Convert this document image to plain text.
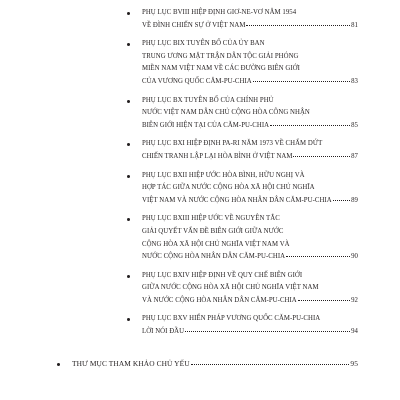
PHỤ LỤC BVIII HIỆP ĐỊNH GIƠ-NE-VƠ NĂM 1954
VỀ ĐÌNH CHIẾN SỰ Ở VIỆT NAM	81
PHỤ LỤC BIX TUYÊN BỐ CỦA ỦY BAN
TRUNG ƯƠNG MẶT TRẬN DÂN TỘC GIẢI PHÓNG
MIỀN NAM VIỆT NAM VỀ CÁC ĐƯỜNG BIÊN GIỚI
CỦA VƯƠNG QUỐC CĂM-PU-CHIA	83
PHỤ LỤC BX TUYÊN BỐ CỦA CHÍNH PHỦ
NƯỚC VIỆT NAM DÂN CHỦ CỘNG HÒA CÔNG NHẬN
BIÊN GIỚI HIỆN TẠI CỦA CĂM-PU-CHIA	85
PHỤ LỤC BXI HIỆP ĐỊNH PA-RI NĂM 1973 VỀ CHẤM DỨT
CHIẾN TRANH LẬP LẠI HÒA BÌNH Ở VIỆT NAM	87
PHỤ LỤC BXII HIỆP ƯỚC HÒA BÌNH, HỮU NGHỊ VÀ
HỢP TÁC GIỮA NƯỚC CỘNG HÒA XÃ HỘI CHỦ NGHĨA
VIỆT NAM VÀ NƯỚC CỘNG HÒA NHÂN DÂN CĂM-PU-CHIA	89
PHỤ LỤC BXIII HIỆP ƯỚC VỀ NGUYÊN TẮC
GIẢI QUYẾT VẤN ĐỀ BIÊN GIỚI GIỮA NƯỚC
CỘNG HÒA XÃ HỘI CHỦ NGHĨA VIỆT NAM VÀ
NƯỚC CỘNG HÒA NHÂN DÂN CĂM-PU-CHIA	90
PHỤ LỤC BXIV HIỆP ĐỊNH VỀ QUY CHẾ BIÊN GIỚI
GIỮA NƯỚC CỘNG HÒA XÃ HỘI CHỦ NGHĨA VIỆT NAM
VÀ NƯỚC CỘNG HÒA NHÂN DÂN CĂM-PU-CHIA	92
PHỤ LỤC BXV HIẾN PHÁP VƯƠNG QUỐC CĂM-PU-CHIA
LỜI NÓI ĐẦU	94
THƯ MỤC THAM KHẢO CHỦ YẾU	95
